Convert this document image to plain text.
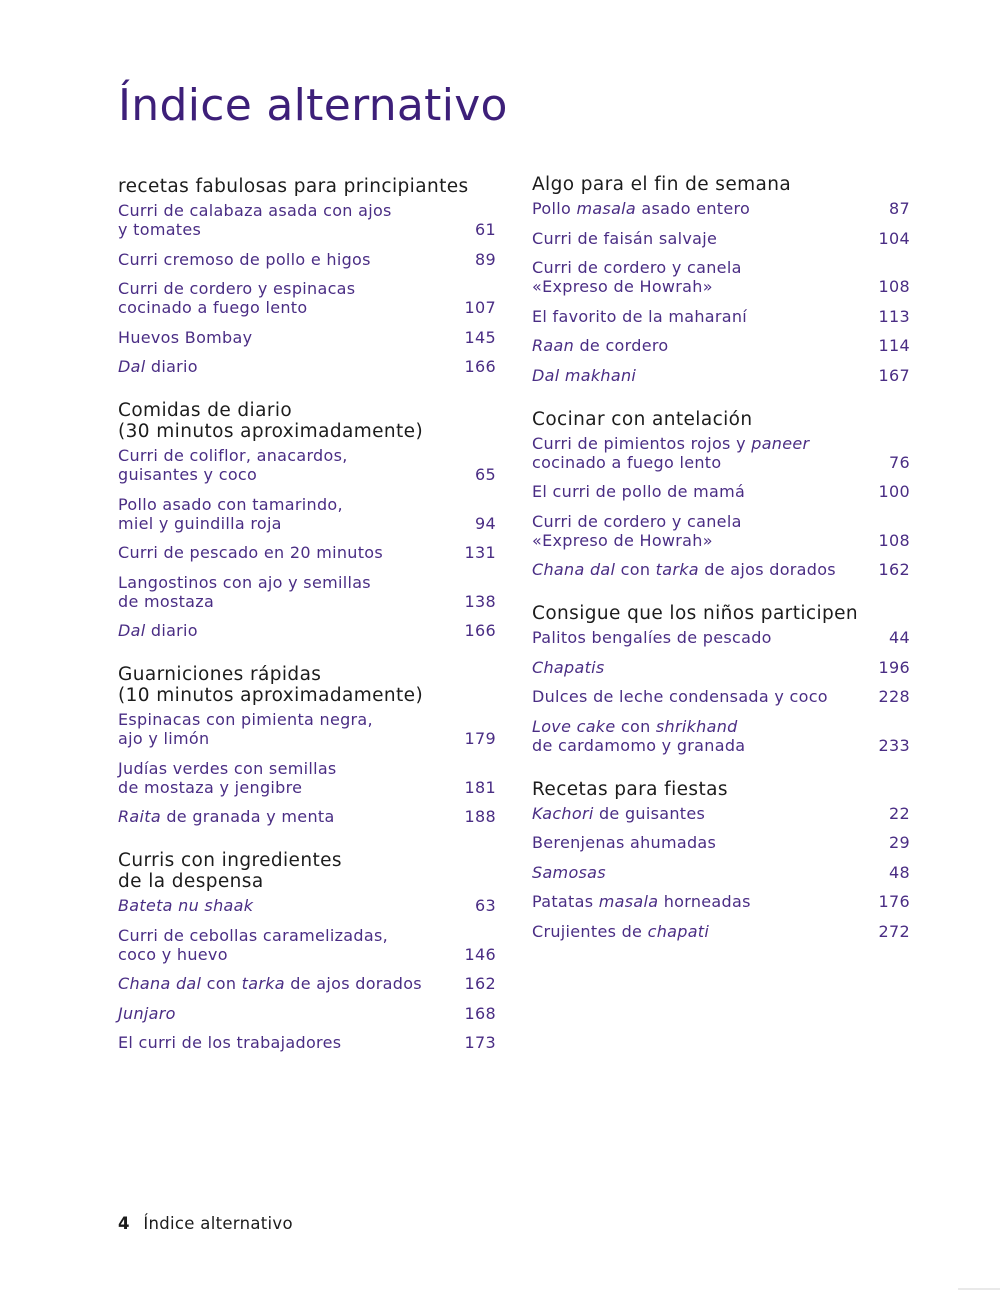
Índice alternativo
recetas fabulosas para principiantes
Curri de calabaza asada con ajos
y tomates	61
Curri cremoso de pollo e higos	89
Curri de cordero y espinacas
cocinado a fuego lento	107
Huevos Bombay	145
Dal diario	166
Comidas de diario
(30 minutos aproximadamente)
Curri de coliflor, anacardos,
guisantes y coco	65
Pollo asado con tamarindo,
miel y guindilla roja	94
Curri de pescado en 20 minutos	131
Langostinos con ajo y semillas
de mostaza	138
Dal diario	166
Guarniciones rápidas
(10 minutos aproximadamente)
Espinacas con pimienta negra,
ajo y limón	179
Judías verdes con semillas
de mostaza y jengibre	181
Raita de granada y menta	188
Curris con ingredientes
de la despensa
Bateta nu shaak	63
Curri de cebollas caramelizadas,
coco y huevo	146
Chana dal con tarka de ajos dorados	162
Junjaro	168
El curri de los trabajadores	173
Algo para el fin de semana
Pollo masala asado entero	87
Curri de faisán salvaje	104
Curri de cordero y canela
«Expreso de Howrah»	108
El favorito de la maharaní	113
Raan de cordero	114
Dal makhani	167
Cocinar con antelación
Curri de pimientos rojos y paneer
cocinado a fuego lento	76
El curri de pollo de mamá	100
Curri de cordero y canela
«Expreso de Howrah»	108
Chana dal con tarka de ajos dorados	162
Consigue que los niños participen
Palitos bengalíes de pescado	44
Chapatis	196
Dulces de leche condensada y coco	228
Love cake con shrikhand
de cardamomo y granada	233
Recetas para fiestas
Kachori de guisantes	22
Berenjenas ahumadas	29
Samosas	48
Patatas masala horneadas	176
Crujientes de chapati	272
4 Índice alternativo
